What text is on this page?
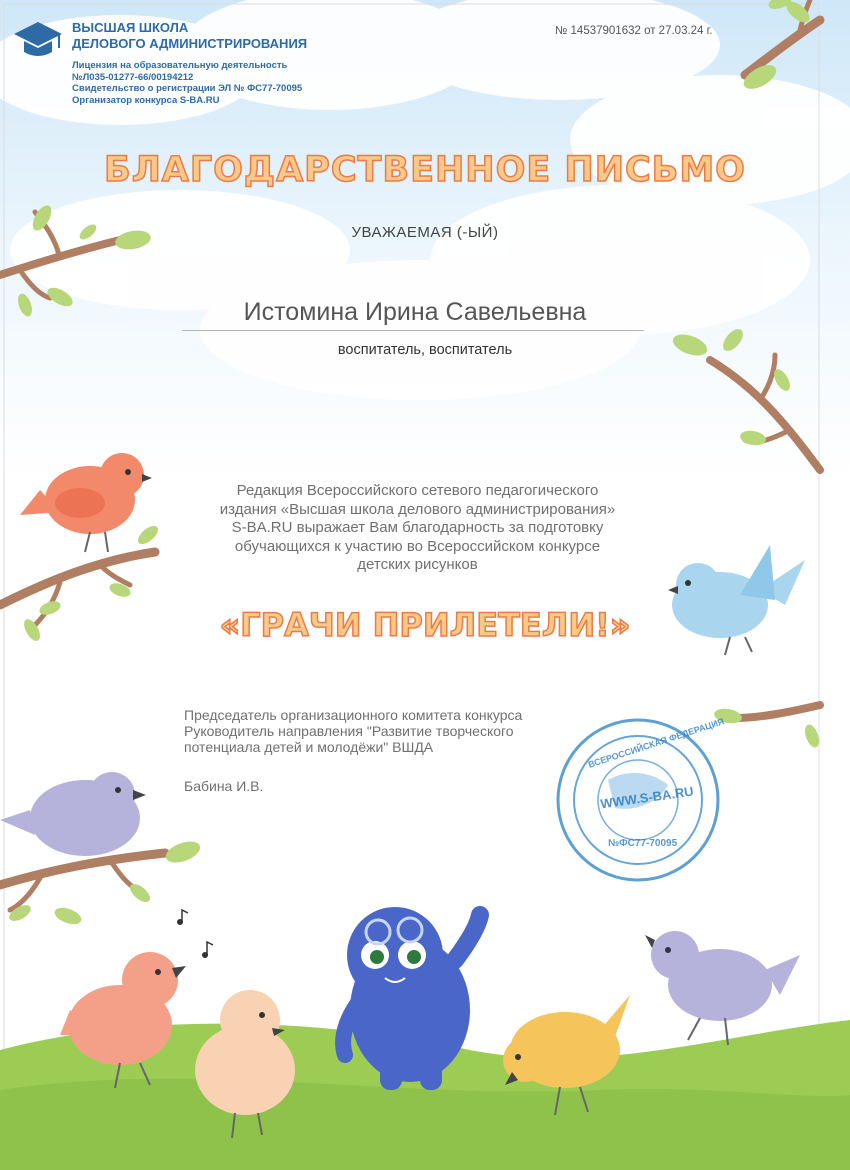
ВЫСШАЯ ШКОЛА
ДЕЛОВОГО АДМИНИСТРИРОВАНИЯ
Лицензия на образовательную деятельность
№Л035-01277-66/00194212
Свидетельство о регистрации ЭЛ № ФС77-70095
Организатор конкурса S-BA.RU
№ 14537901632 от 27.03.24 г.
БЛАГОДАРСТВЕННОЕ ПИСЬМО
УВАЖАЕМАЯ (-ЫЙ)
Истомина Ирина Савельевна
воспитатель, воспитатель
Редакция Всероссийского сетевого педагогического
издания «Высшая школа делового администрирования»
S-BA.RU выражает Вам благодарность за подготовку
обучающихся к участию во Всероссийском конкурсе
детских рисунков
«ГРАЧИ ПРИЛЕТЕЛИ!»
Председатель организационного комитета конкурса
Руководитель направления "Развитие творческого
потенциала детей и молодёжи" ВШДА
Бабина И.В.	WWW.S-BA.RU
ВСЕРОССИЙСКАЯ ФЕДЕРАЦИЯ
№ФС77-70095
